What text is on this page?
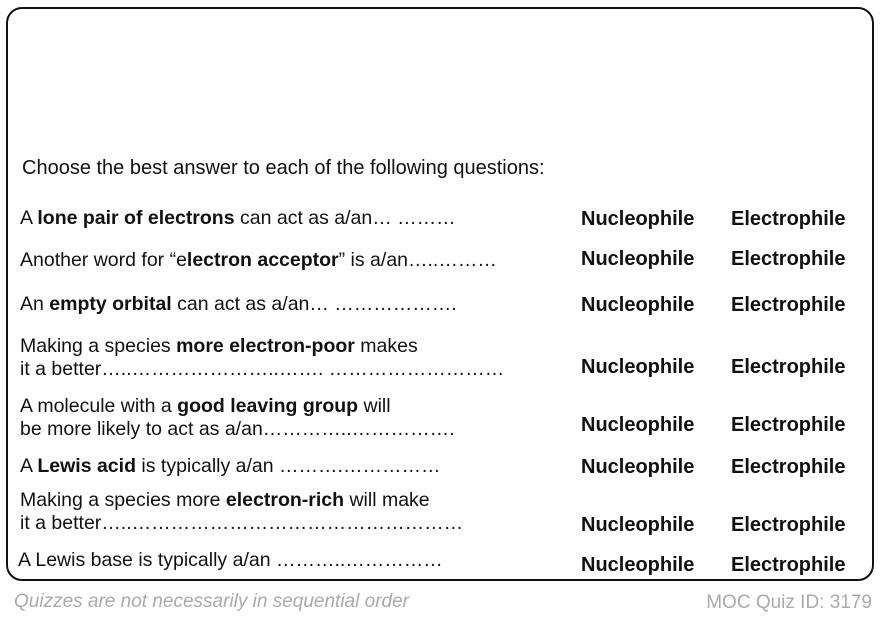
Choose the best answer to each of the following questions:
A lone pair of electrons can act as a/an… ………	Nucleophile Electrophile
Another word for “electron acceptor” is a/an…..………	Nucleophile Electrophile
An empty orbital can act as a/an… ……………….	Nucleophile Electrophile
Making a species more electron-poor makes
it a better…..…………………..……. ………………………	Nucleophile Electrophile
A molecule with a good leaving group will
be more likely to act as a/an…………..…………….	Nucleophile Electrophile
A Lewis acid is typically a/an ……….……………	Nucleophile Electrophile
Making a species more electron-rich will make
it a better…..……………………………………………	Nucleophile Electrophile
A Lewis base is typically a/an ………..……………	Nucleophile Electrophile
Quizzes are not necessarily in sequential order	MOC Quiz ID: 3179
